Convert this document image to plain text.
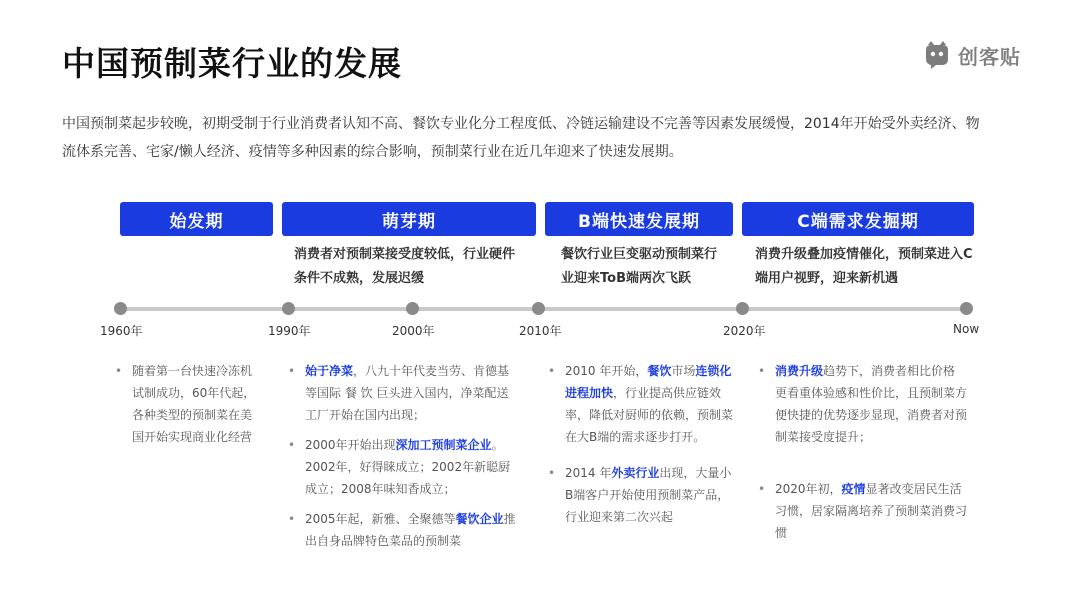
中国预制菜行业的发展	创客贴
中国预制菜起步较晚，初期受制于行业消费者认知不高、餐饮专业化分工程度低、冷链运输建设不完善等因素发展缓慢，2014年开始受外卖经济、物流体系完善、宅家/懒人经济、疫情等多种因素的综合影响，预制菜行业在近几年迎来了快速发展期。
始发期	萌芽期	B端快速发展期	C端需求发掘期
消费者对预制菜接受度较低，行业硬件条件不成熟，发展迟缓
餐饮行业巨变驱动预制菜行业迎来ToB端两次飞跃
消费升级叠加疫情催化，预制菜进入C 端用户视野，迎来新机遇
1960年	1990年	2000年	2010年	2020年	Now
• 随着第一台快速冷冻机试制成功，60年代起，各种类型的预制菜在美国开始实现商业化经营
• 始于净菜，八九十年代麦当劳、肯德基等国际 餐 饮 巨头进入国内，净菜配送工厂开始在国内出现；
• 2000年开始出现深加工预制菜企业。2002年，好得睐成立；2002年新聪厨成立；2008年味知香成立；
• 2005年起，新雅、全聚德等餐饮企业推出自身品牌特色菜品的预制菜
• 2010 年开始，餐饮市场连锁化进程加快，行业提高供应链效率，降低对厨师的依赖，预制菜在大B端的需求逐步打开。
• 2014 年外卖行业出现，大量小B端客户开始使用预制菜产品，行业迎来第二次兴起
• 消费升级趋势下，消费者相比价格更看重体验感和性价比，且预制菜方便快捷的优势逐步显现，消费者对预制菜接受度提升；
• 2020年初，疫情显著改变居民生活习惯，居家隔离培养了预制菜消费习惯
